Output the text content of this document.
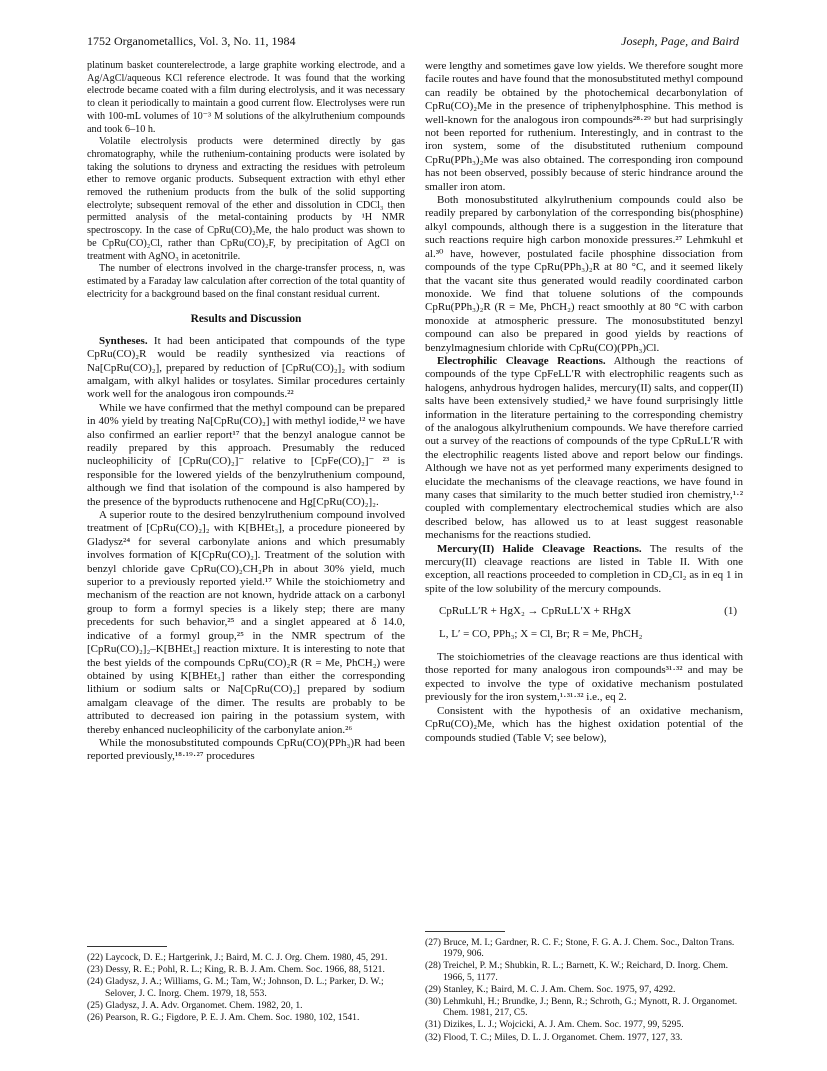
1752 Organometallics, Vol. 3, No. 11, 1984	Joseph, Page, and Baird

platinum basket counterelectrode, a large graphite working electrode, and a Ag/AgCl/aqueous KCl reference electrode. It was found that the working electrode became coated with a film during electrolysis, and it was necessary to clean it periodically to maintain a good current flow. Electrolyses were run with 100-mL volumes of 10⁻³ M solutions of the alkylruthenium compounds and took 6–10 h.

Volatile electrolysis products were determined directly by gas chromatography, while the ruthenium-containing products were isolated by taking the solutions to dryness and extracting the residues with petroleum ether to remove organic products. Subsequent extraction with ethyl ether removed the ruthenium products from the bulk of the solid supporting electrolyte; subsequent removal of the ether and dissolution in CDCl₃ then permitted analysis of the metal-containing products by ¹H NMR spectroscopy. In the case of CpRu(CO)₂Me, the halo product was shown to be CpRu(CO)₂Cl, rather than CpRu(CO)₂F, by precipitation of AgCl on treatment with AgNO₃ in acetonitrile.

The number of electrons involved in the charge-transfer process, n, was estimated by a Faraday law calculation after correction of the total quantity of electricity for a background based on the final constant residual current.

Results and Discussion

Syntheses. It had been anticipated that compounds of the type CpRu(CO)₂R would be readily synthesized via reactions of Na[CpRu(CO)₂], prepared by reduction of [CpRu(CO)₂]₂ with sodium amalgam, with alkyl halides or tosylates. Similar procedures certainly work well for the analogous iron compounds.²²

While we have confirmed that the methyl compound can be prepared in 40% yield by treating Na[CpRu(CO)₂] with methyl iodide,¹² we have also confirmed an earlier report¹⁷ that the benzyl analogue cannot be readily prepared by this approach. Presumably the reduced nucleophilicity of [CpRu(CO)₂]⁻ relative to [CpFe(CO)₂]⁻ ²³ is responsible for the lowered yields of the benzylruthenium compound, although we find that isolation of the compound is also hampered by the presence of the byproducts ruthenocene and Hg[CpRu(CO)₂]₂.

A superior route to the desired benzylruthenium compound involved treatment of [CpRu(CO)₂]₂ with K[BHEt₃], a procedure pioneered by Gladysz²⁴ for several carbonylate anions and which presumably involves formation of K[CpRu(CO)₂]. Treatment of the solution with benzyl chloride gave CpRu(CO)₂CH₂Ph in about 30% yield, much superior to a previously reported yield.¹⁷ While the stoichiometry and mechanism of the reaction are not known, hydride attack on a carbonyl group to form a formyl species is a likely step; there are many precedents for such behavior,²⁵ and a singlet appeared at δ 14.0, indicative of a formyl group,²⁵ in the NMR spectrum of the [CpRu(CO)₂]₂–K[BHEt₃] reaction mixture. It is interesting to note that the best yields of the compounds CpRu(CO)₂R (R = Me, PhCH₂) were obtained by using K[BHEt₃] rather than either the corresponding lithium or sodium salts or Na[CpRu(CO)₂] prepared by sodium amalgam cleavage of the dimer. The results are probably to be attributed to decreased ion pairing in the potassium system, with thereby enhanced nucleophilicity of the carbonylate anion.²⁶

While the monosubstituted compounds CpRu(CO)(PPh₃)R had been reported previously,¹⁸·¹⁹·²⁷ procedures

were lengthy and sometimes gave low yields. We therefore sought more facile routes and have found that the monosubstituted methyl compound can readily be obtained by the photochemical decarbonylation of CpRu(CO)₂Me in the presence of triphenylphosphine. This method is well-known for the analogous iron compounds²⁸·²⁹ but had surprisingly not been reported for ruthenium. Interestingly, and in contrast to the iron system, some of the disubstituted ruthenium compound CpRu(PPh₃)₂Me was also obtained. The corresponding iron compound has not been observed, possibly because of steric hindrance around the smaller iron atom.

Both monosubstituted alkylruthenium compounds could also be readily prepared by carbonylation of the corresponding bis(phosphine) alkyl compounds, although there is a suggestion in the literature that such reactions require high carbon monoxide pressures.²⁷ Lehmkuhl et al.³⁰ have, however, postulated facile phosphine dissociation from compounds of the type CpRu(PPh₃)₂R at 80 °C, and it seemed likely that the vacant site thus generated would readily coordinated carbon monoxide. We find that toluene solutions of the compounds CpRu(PPh₃)₂R (R = Me, PhCH₂) react smoothly at 80 °C with carbon monoxide at atmospheric pressure. The monosubstituted benzyl compound can also be prepared in good yields by reactions of benzylmagnesium chloride with CpRu(CO)(PPh₃)Cl.

Electrophilic Cleavage Reactions. Although the reactions of compounds of the type CpFeLL′R with electrophilic reagents such as halogens, anhydrous hydrogen halides, mercury(II) salts, and copper(II) salts have been extensively studied,² we have found surprisingly little information in the literature pertaining to the corresponding chemistry of the analogous alkylruthenium compounds. We have therefore carried out a survey of the reactions of compounds of the type CpRuLL′R with the electrophilic reagents listed above and report below our findings. Although we have not as yet performed many experiments designed to elucidate the mechanisms of the cleavage reactions, we have found in many cases that similarity to the much better studied iron chemistry,¹·² coupled with complementary electrochemical studies which are also described below, has allowed us to at least suggest reasonable mechanisms for the reactions studied.

Mercury(II) Halide Cleavage Reactions. The results of the mercury(II) cleavage reactions are listed in Table II. With one exception, all reactions proceeded to completion in CD₂Cl₂ as in eq 1 in spite of the low solubility of the mercury compounds.

CpRuLL′R + HgX₂ → CpRuLL′X + RHgX	(1)
L, L′ = CO, PPh₃; X = Cl, Br; R = Me, PhCH₂

The stoichiometries of the cleavage reactions are thus identical with those reported for many analogous iron compounds³¹·³² and may be expected to involve the type of oxidative mechanism postulated previously for the iron system,¹·³¹·³² i.e., eq 2.

Consistent with the hypothesis of an oxidative mechanism, CpRu(CO)₂Me, which has the highest oxidation potential of the compounds studied (Table V; see below),

(22) Laycock, D. E.; Hartgerink, J.; Baird, M. C. J. Org. Chem. 1980, 45, 291.
(23) Dessy, R. E.; Pohl, R. L.; King, R. B. J. Am. Chem. Soc. 1966, 88, 5121.
(24) Gladysz, J. A.; Williams, G. M.; Tam, W.; Johnson, D. L.; Parker, D. W.; Selover, J. C. Inorg. Chem. 1979, 18, 553.
(25) Gladysz, J. A. Adv. Organomet. Chem. 1982, 20, 1.
(26) Pearson, R. G.; Figdore, P. E. J. Am. Chem. Soc. 1980, 102, 1541.
(27) Bruce, M. I.; Gardner, R. C. F.; Stone, F. G. A. J. Chem. Soc., Dalton Trans. 1979, 906.
(28) Treichel, P. M.; Shubkin, R. L.; Barnett, K. W.; Reichard, D. Inorg. Chem. 1966, 5, 1177.
(29) Stanley, K.; Baird, M. C. J. Am. Chem. Soc. 1975, 97, 4292.
(30) Lehmkuhl, H.; Brundke, J.; Benn, R.; Schroth, G.; Mynott, R. J. Organomet. Chem. 1981, 217, C5.
(31) Dizikes, L. J.; Wojcicki, A. J. Am. Chem. Soc. 1977, 99, 5295.
(32) Flood, T. C.; Miles, D. L. J. Organomet. Chem. 1977, 127, 33.
